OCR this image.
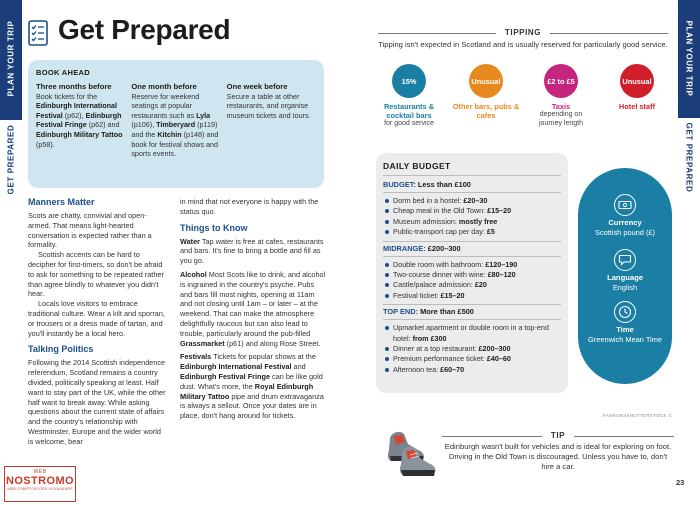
PLAN YOUR TRIP
GET PREPARED
PLAN YOUR TRIP
GET PREPARED
Get Prepared
BOOK AHEAD
Three months before
Book tickets for the Edinburgh International Festival (p62), Edinburgh Festival Fringe (p62) and Edinburgh Military Tattoo (p58).
One month before
Reserve for weekend seatings at popular restaurants such as Lyla (p106), Timberyard (p119) and the Kitchin (p148) and book for festival shows and sports events.
One week before
Secure a table at other restaurants, and organise museum tickets and tours.
Manners Matter

Scots are chatty, convivial and open-armed. That means light-hearted conversation is expected rather than a formality.

Scottish accents can be hard to decipher for first-timers, so don't be afraid to ask for something to be repeated rather than agree blindly to whatever you didn't hear.

Locals love visitors to embrace traditional culture. Wear a kilt and sporran, or trousers or a dress made of tartan, and you'll instantly be a local hero.

Talking Politics

Following the 2014 Scottish independence referendum, Scotland remains a country divided, politically speaking at least. Half want to stay part of the UK, while the other half want to break away. While asking questions about the current state of affairs and the country's relationship with Westminster, Europe and the wider world is welcome, bear

in mind that not everyone is happy with the status quo.

Things to Know

Water Tap water is free at cafes, restaurants and bars. It's fine to bring a bottle and fill as you go.

Alcohol Most Scots like to drink, and alcohol is ingrained in the country's psyche. Pubs and bars fill most nights, opening at 11am and not closing until 1am – or later – at the weekend. That can make the atmosphere delightfully raucous but can also lead to trouble, particularly around the pub-filled Grassmarket (p61) and along Rose Street.

Festivals Tickets for popular shows at the Edinburgh International Festival and Edinburgh Festival Fringe can be like gold dust. What's more, the Royal Edinburgh Military Tattoo pipe and drum extravaganza is always a sellout. Once your dates are in place, don't hang around for tickets.

TIPPING
Tipping isn't expected in Scotland and is usually reserved for particularly good service.
15%
Restaurants & cocktail bars
for good service
Unusual
Other bars, pubs & cafes
£2 to £5
Taxis
depending on journey length
Unusual
Hotel staff
DAILY BUDGET
BUDGET: Less than £100
Dorm bed in a hostel: £20–30
Cheap meal in the Old Town: £15–20
Museum admission: mostly free
Public-transport cap per day: £5
MIDRANGE: £200–300
Double room with bathroom: £120–190
Two-course dinner with wine: £80–120
Castle/palace admission: £20
Festival ticket: £15–20
TOP END: More than £500
Upmarket apartment or double room in a top-end hotel: from £300
Dinner at a top restaurant: £200–300
Premium performance ticket: £40–60
Afternoon tea: £60–70
Currency
Scottish pound (£)
Language
English
Time
Greenwich Mean Time
FAHRONI/SHUTTERSTOCK ©
TIP
Edinburgh wasn't built for vehicles and is ideal for exploring on foot. Driving in the Old Town is discouraged. Unless you have to, don't hire a car.
23
WEB
NOSTROMO
WEB COMPTOIR DES VOYAGEURS
